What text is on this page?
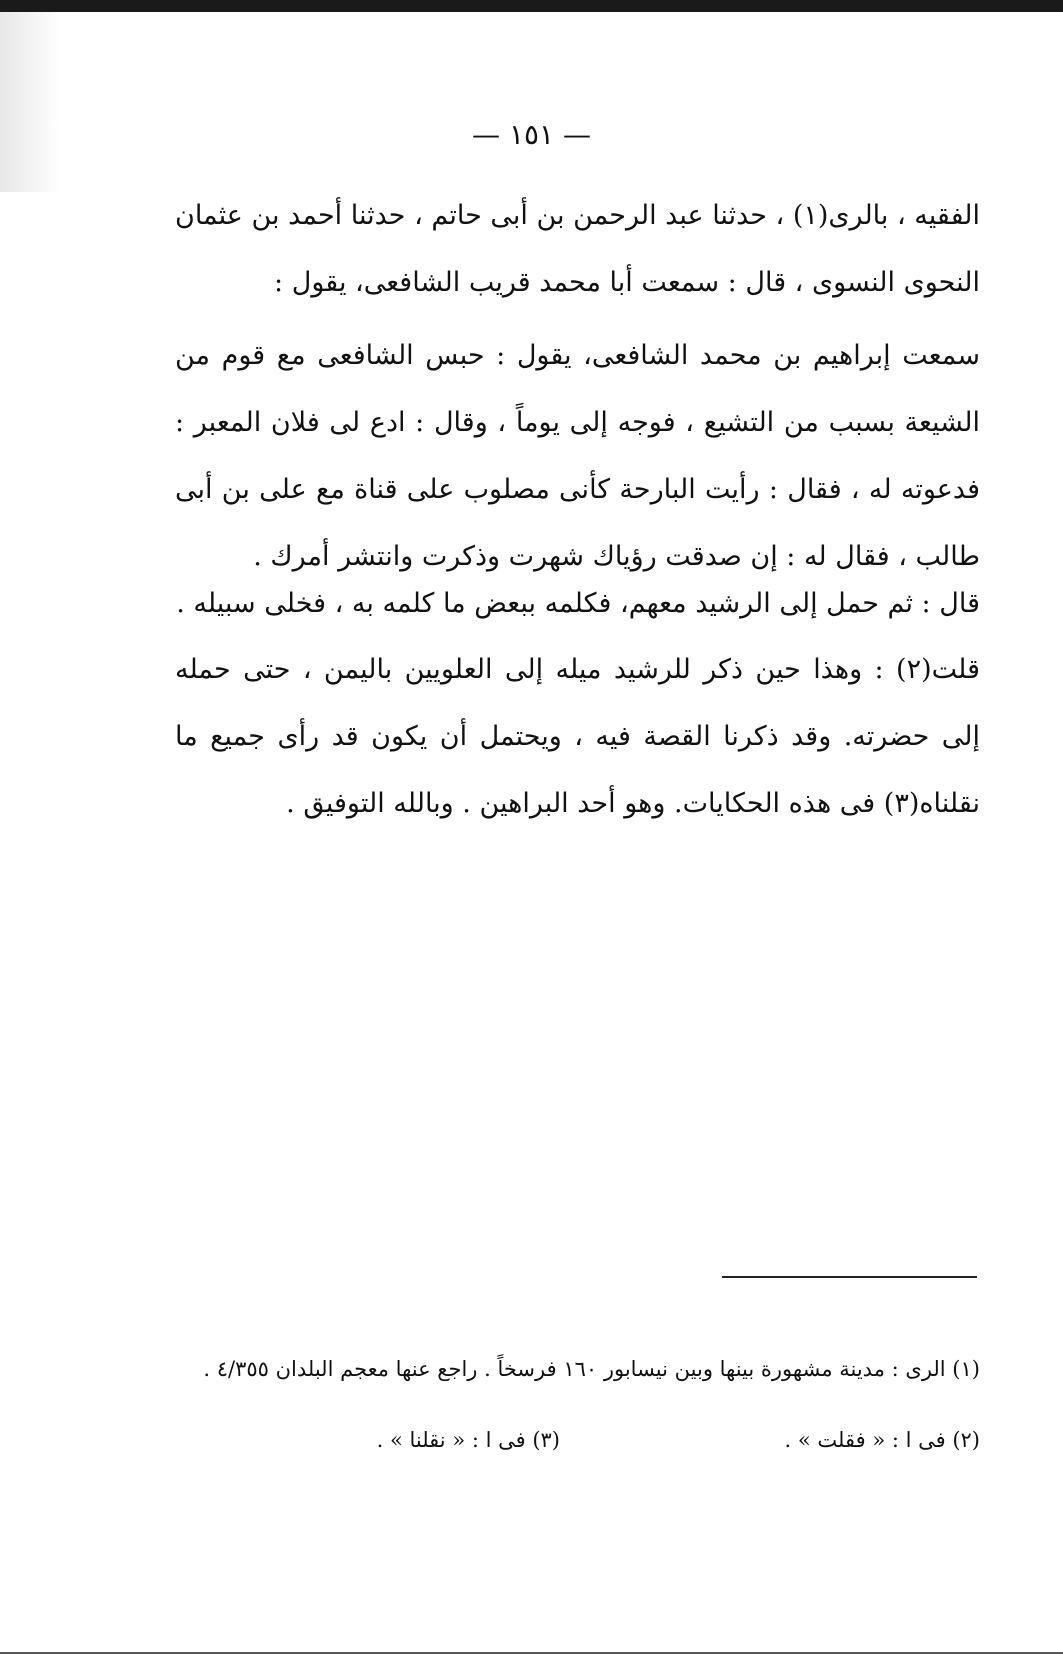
— ١٥١ —

الفقيه ، بالرى(١) ، حدثنا عبد الرحمن بن أبى حاتم ، حدثنا أحمد بن عثمان النحوى النسوى ، قال : سمعت أبا محمد قريب الشافعى، يقول :

سمعت إبراهيم بن محمد الشافعى، يقول : حبس الشافعى مع قوم من الشيعة بسبب من التشيع ، فوجه إلى يوماً ، وقال : ادع لى فلان المعبر : فدعوته له ، فقال : رأيت البارحة كأنى مصلوب على قناة مع على بن أبى طالب ، فقال له : إن صدقت رؤياك شهرت وذكرت وانتشر أمرك .

قال : ثم حمل إلى الرشيد معهم، فكلمه ببعض ما كلمه به ، فخلى سبيله .

قلت(٢) : وهذا حين ذكر للرشيد ميله إلى العلويين باليمن ، حتى حمله إلى حضرته. وقد ذكرنا القصة فيه ، ويحتمل أن يكون قد رأى جميع ما نقلناه(٣) فى هذه الحكايات. وهو أحد البراهين . وبالله التوفيق .

(١) الرى : مدينة مشهورة بينها وبين نيسابور ١٦٠ فرسخاً . راجع عنها معجم البلدان ٤/٣٥٥ .
(٢) فى ا : « فقلت » .
(٣) فى ا : « نقلنا » .
